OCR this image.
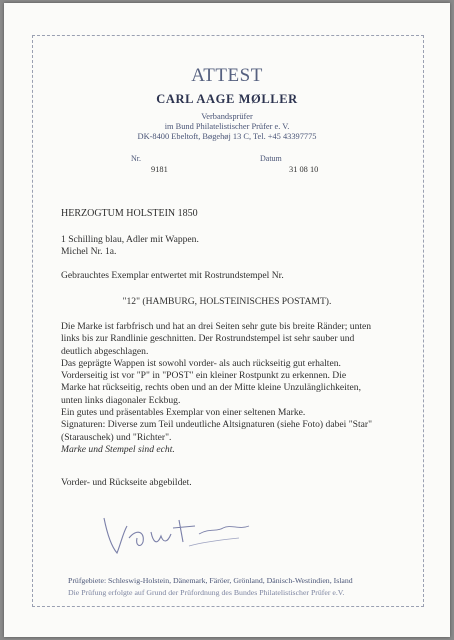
ATTEST
CARL AAGE MØLLER
Verbandsprüfer
im Bund Philatelistischer Prüfer e. V.
DK-8400 Ebeltoft, Bøgehøj 13 C, Tel. +45 43397775
Nr.	Datum
9181	31 08 10
HERZOGTUM HOLSTEIN 1850
1 Schilling blau, Adler mit Wappen.
Michel Nr. 1a.
Gebrauchtes Exemplar entwertet mit Rostrundstempel Nr.
"12" (HAMBURG, HOLSTEINISCHES POSTAMT).
Die Marke ist farbfrisch und hat an drei Seiten sehr gute bis breite Ränder; unten
links bis zur Randlinie geschnitten. Der Rostrundstempel ist sehr sauber und
deutlich abgeschlagen.
Das geprägte Wappen ist sowohl vorder- als auch rückseitig gut erhalten.
Vorderseitig ist vor "P" in "POST" ein kleiner Rostpunkt zu erkennen. Die
Marke hat rückseitig, rechts oben und an der Mitte kleine Unzulänglichkeiten,
unten links diagonaler Eckbug.
Ein gutes und präsentables Exemplar von einer seltenen Marke.
Signaturen: Diverse zum Teil undeutliche Altsignaturen (siehe Foto) dabei "Star"
(Starauschek) und "Richter".
Marke und Stempel sind echt.
Vorder- und Rückseite abgebildet.
Prüfgebiete: Schleswig-Holstein, Dänemark, Färöer, Grönland, Dänisch-Westindien, Island
Die Prüfung erfolgte auf Grund der Prüfordnung des Bundes Philatelistischer Prüfer e.V.
